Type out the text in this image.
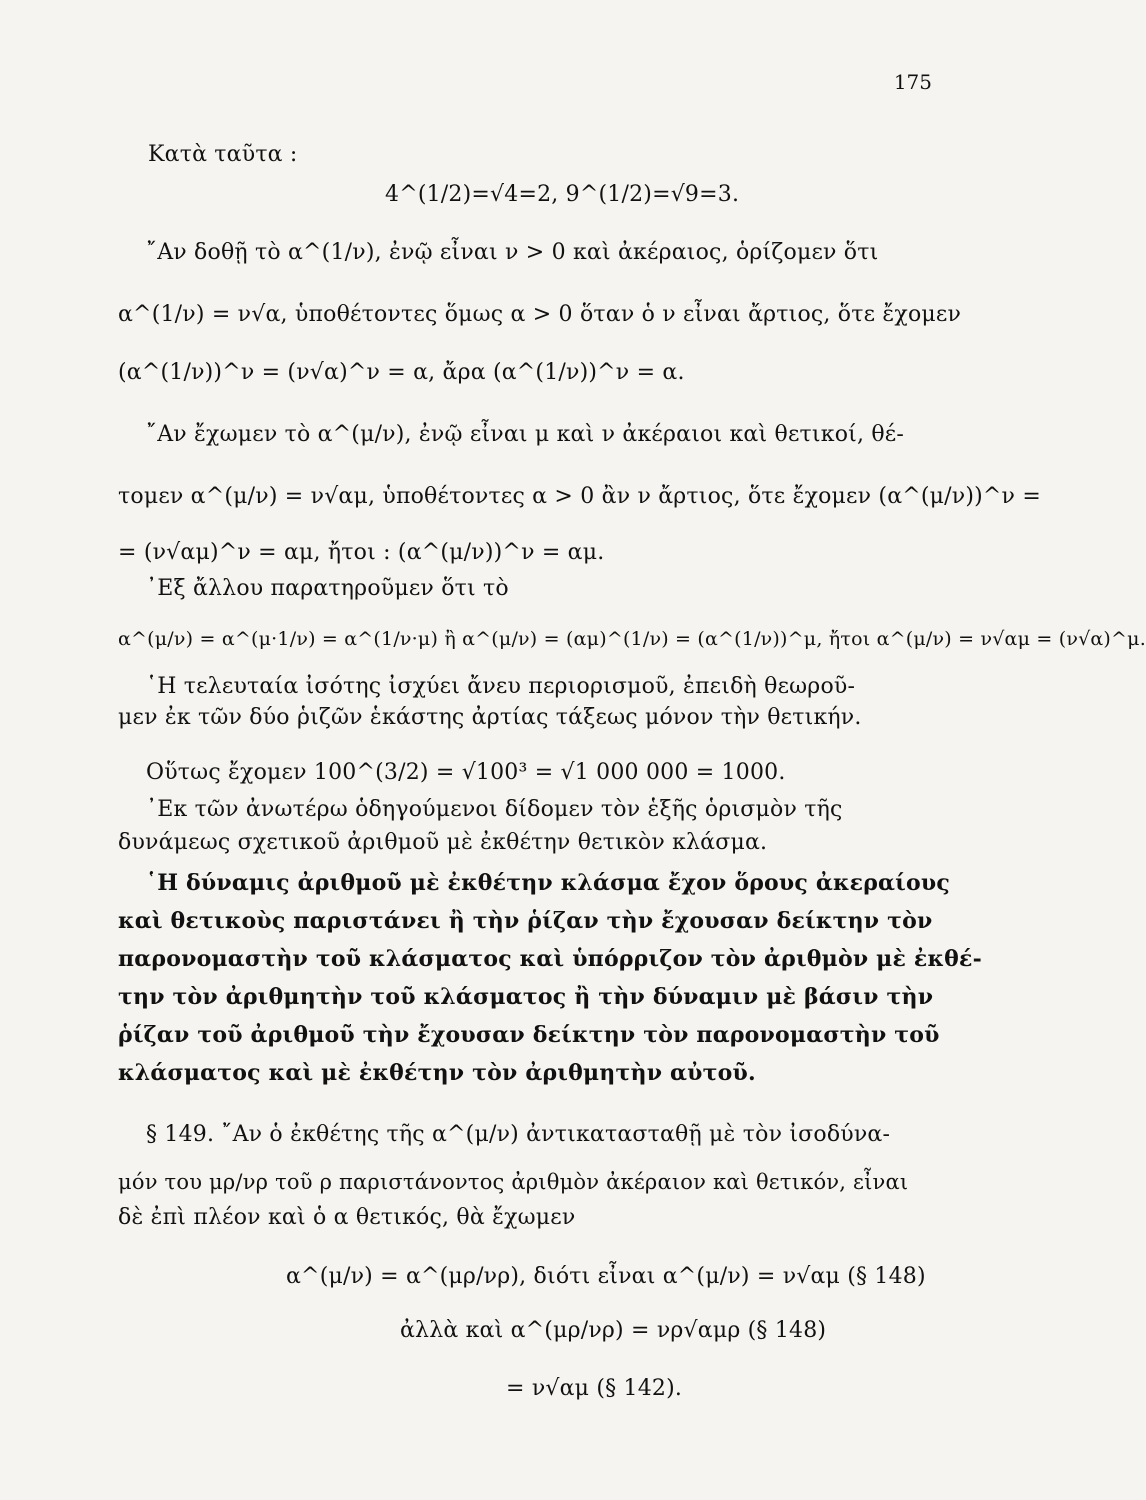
175
Κατὰ ταῦτα :
4^(1/2)=√4=2, 9^(1/2)=√9=3.
῎Αν δοθῇ τὸ α^(1/ν), ἐνῷ εἶναι ν > 0 καὶ ἀκέραιος, ὁρίζομεν ὅτι
α^(1/ν) = ν√α, ὑποθέτοντες ὅμως α > 0 ὅταν ὁ ν εἶναι ἄρτιος, ὅτε ἔχομεν
(α^(1/ν))^ν = (ν√α)^ν = α, ἄρα (α^(1/ν))^ν = α.
῎Αν ἔχωμεν τὸ α^(μ/ν), ἐνῷ εἶναι μ καὶ ν ἀκέραιοι καὶ θετικοί, θέ-
τομεν α^(μ/ν) = ν√αμ, ὑποθέτοντες α > 0 ἂν ν ἄρτιος, ὅτε ἔχομεν (α^(μ/ν))^ν =
= (ν√αμ)^ν = αμ, ἤτοι : (α^(μ/ν))^ν = αμ.
᾿Εξ ἄλλου παρατηροῦμεν ὅτι τὸ
α^(μ/ν) = α^(μ·1/ν) = α^(1/ν·μ) ἢ α^(μ/ν) = (αμ)^(1/ν) = (α^(1/ν))^μ, ἤτοι α^(μ/ν) = ν√αμ = (ν√α)^μ.
῾Η τελευταία ἰσότης ἰσχύει ἄνευ περιορισμοῦ, ἐπειδὴ θεωροῦ-
μεν ἐκ τῶν δύο ῥιζῶν ἑκάστης ἀρτίας τάξεως μόνον τὴν θετικήν.
Οὕτως ἔχομεν 100^(3/2) = √100³ = √1 000 000 = 1000.
᾿Εκ τῶν ἀνωτέρω ὁδηγούμενοι δίδομεν τὸν ἑξῆς ὁρισμὸν τῆς
δυνάμεως σχετικοῦ ἀριθμοῦ μὲ ἐκθέτην θετικὸν κλάσμα.
῾Η δύναμις ἀριθμοῦ μὲ ἐκθέτην κλάσμα ἔχον ὅρους ἀκεραίους
καὶ θετικοὺς παριστάνει ἢ τὴν ῥίζαν τὴν ἔχουσαν δείκτην τὸν
παρονομαστὴν τοῦ κλάσματος καὶ ὑπόρριζον τὸν ἀριθμὸν μὲ ἐκθέ-
την τὸν ἀριθμητὴν τοῦ κλάσματος ἢ τὴν δύναμιν μὲ βάσιν τὴν
ῥίζαν τοῦ ἀριθμοῦ τὴν ἔχουσαν δείκτην τὸν παρονομαστὴν τοῦ
κλάσματος καὶ μὲ ἐκθέτην τὸν ἀριθμητὴν αὐτοῦ.
§ 149. ῎Αν ὁ ἐκθέτης τῆς α^(μ/ν) ἀντικατασταθῇ μὲ τὸν ἰσοδύνα-
μόν του μρ/νρ τοῦ ρ παριστάνοντος ἀριθμὸν ἀκέραιον καὶ θετικόν, εἶναι
δὲ ἐπὶ πλέον καὶ ὁ α θετικός, θὰ ἔχωμεν
α^(μ/ν) = α^(μρ/νρ), διότι εἶναι α^(μ/ν) = ν√αμ (§ 148)
ἀλλὰ καὶ α^(μρ/νρ) = νρ√αμρ (§ 148)
= ν√αμ (§ 142).
